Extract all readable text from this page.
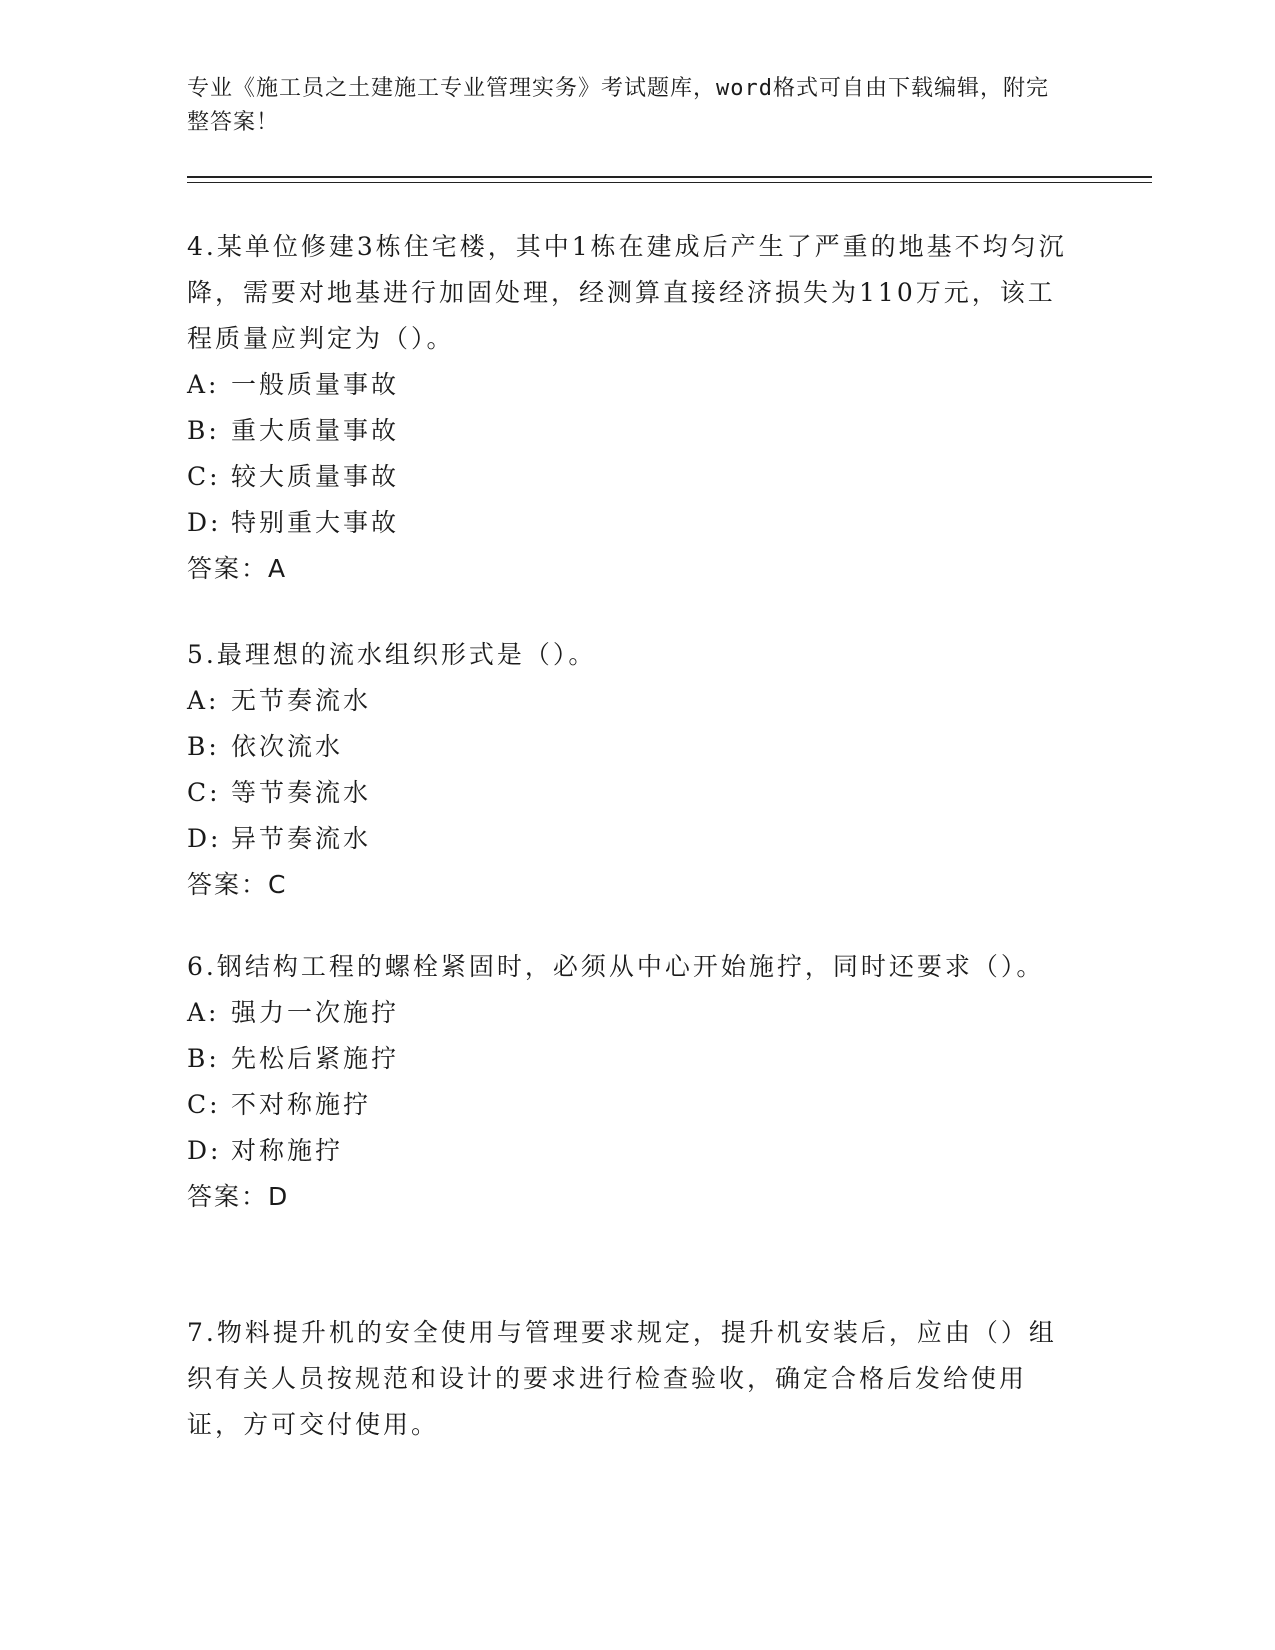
专业《施工员之土建施工专业管理实务》考试题库，word格式可自由下载编辑，附完整答案！
4.某单位修建3栋住宅楼，其中1栋在建成后产生了严重的地基不均匀沉降，需要对地基进行加固处理，经测算直接经济损失为110万元，该工程质量应判定为（）。
A: 一般质量事故
B: 重大质量事故
C: 较大质量事故
D: 特别重大事故
答案：A
5.最理想的流水组织形式是（）。
A: 无节奏流水
B: 依次流水
C: 等节奏流水
D: 异节奏流水
答案：C
6.钢结构工程的螺栓紧固时，必须从中心开始施拧，同时还要求（）。
A: 强力一次施拧
B: 先松后紧施拧
C: 不对称施拧
D: 对称施拧
答案：D
7.物料提升机的安全使用与管理要求规定，提升机安装后，应由（）组织有关人员按规范和设计的要求进行检查验收，确定合格后发给使用证，方可交付使用。
